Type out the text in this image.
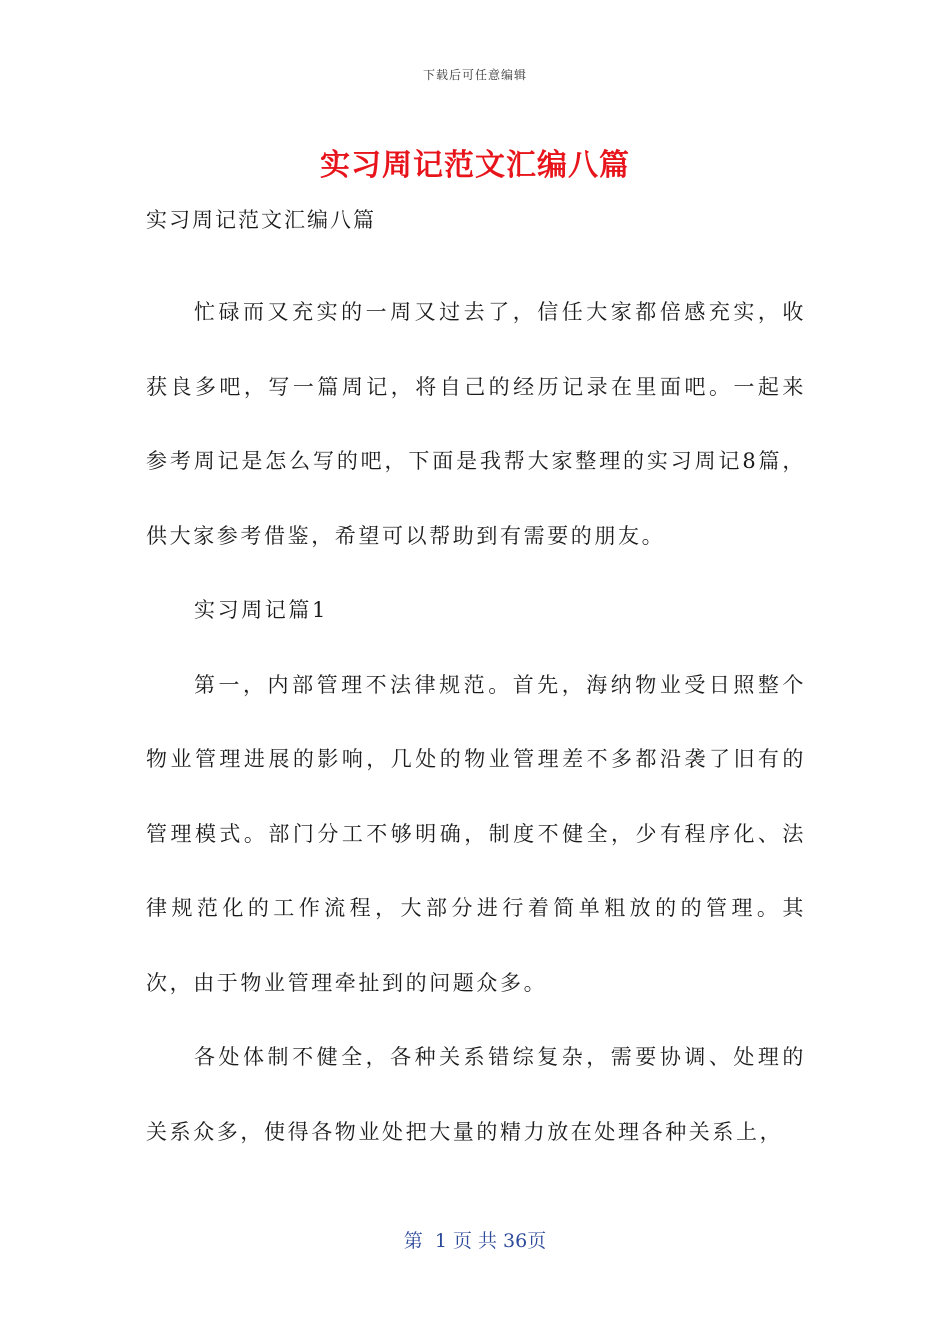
下载后可任意编辑
实习周记范文汇编八篇

实习周记范文汇编八篇

忙碌而又充实的一周又过去了，信任大家都倍感充实，收获良多吧，写一篇周记，将自己的经历记录在里面吧。一起来参考周记是怎么写的吧，下面是我帮大家整理的实习周记8篇，供大家参考借鉴，希望可以帮助到有需要的朋友。

实习周记篇1

第一，内部管理不法律规范。首先，海纳物业受日照整个物业管理进展的影响，几处的物业管理差不多都沿袭了旧有的管理模式。部门分工不够明确，制度不健全，少有程序化、法律规范化的工作流程，大部分进行着简单粗放的的管理。其次，由于物业管理牵扯到的问题众多。

各处体制不健全，各种关系错综复杂，需要协调、处理的关系众多，使得各物业处把大量的精力放在处理各种关系上，

第  1 页 共 36页
